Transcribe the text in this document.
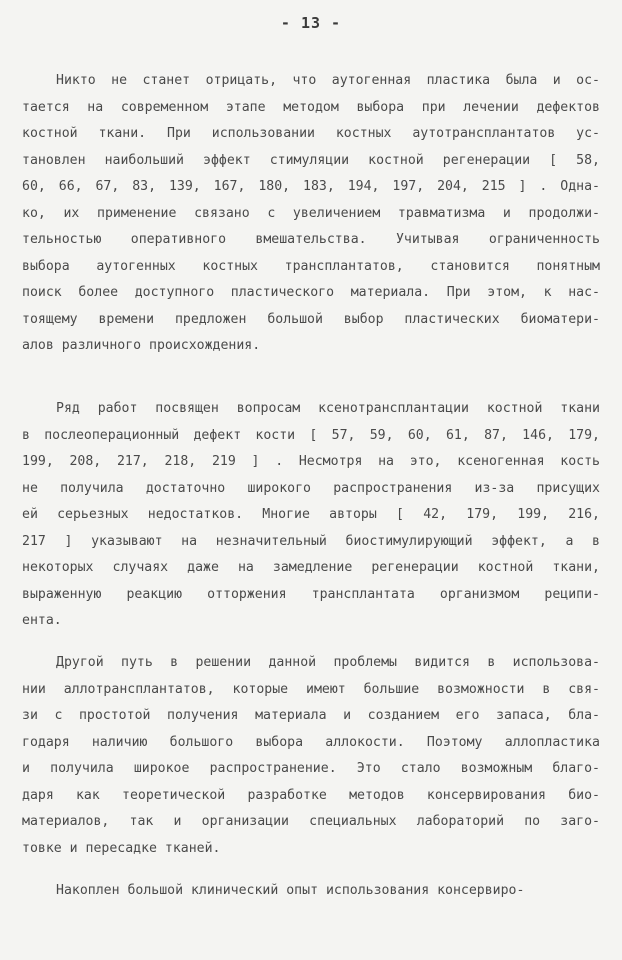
- 13 -
Никто не станет отрицать, что аутогенная пластика была и ос-
тается на современном этапе методом выбора при лечении дефектов
костной ткани. При использовании костных аутотрансплантатов ус-
тановлен наибольший эффект стимуляции костной регенерации [ 58,
60, 66, 67, 83, 139, 167, 180, 183, 194, 197, 204, 215 ] . Одна-
ко, их применение связано с увеличением травматизма и продолжи-
тельностью оперативного вмешательства. Учитывая ограниченность
выбора аутогенных костных трансплантатов, становится понятным
поиск более доступного пластического материала. При этом, к нас-
тоящему времени предложен большой выбор пластических биоматери-
алов различного происхождения.
Ряд работ посвящен вопросам ксенотрансплантации костной ткани
в послеоперационный дефект кости [ 57, 59, 60, 61, 87, 146, 179,
199, 208, 217, 218, 219 ] . Несмотря на это, ксеногенная кость
не получила достаточно широкого распространения из-за присущих
ей серьезных недостатков. Многие авторы [ 42, 179, 199, 216,
217 ] указывают на незначительный биостимулирующий эффект, а в
некоторых случаях даже на замедление регенерации костной ткани,
выраженную реакцию отторжения трансплантата организмом реципи-
ента.
Другой путь в решении данной проблемы видится в использова-
нии аллотрансплантатов, которые имеют большие возможности в свя-
зи с простотой получения материала и созданием его запаса, бла-
годаря наличию большого выбора аллокости. Поэтому аллопластика
и получила широкое распространение. Это стало возможным благо-
даря как теоретической разработке методов консервирования био-
материалов, так и организации специальных лабораторий по заго-
товке и пересадке тканей.
Накоплен большой клинический опыт использования консервиро-
